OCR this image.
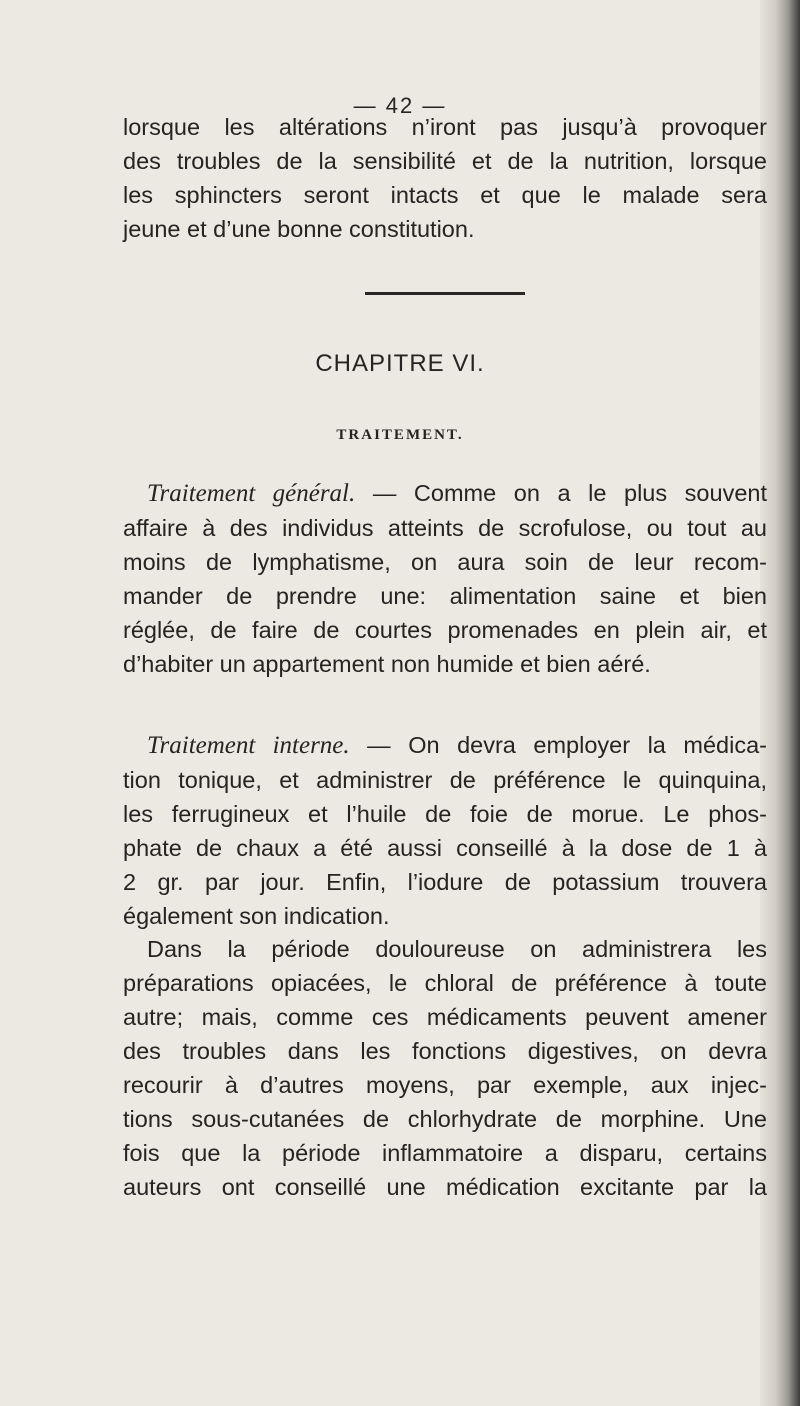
— 42 —

lorsque les altérations n’iront pas jusqu’à provoquer
des troubles de la sensibilité et de la nutrition, lorsque
les sphincters seront intacts et que le malade sera
jeune et d’une bonne constitution.

CHAPITRE VI.
TRAITEMENT.

Traitement général. — Comme on a le plus souvent
affaire à des individus atteints de scrofulose, ou tout au
moins de lymphatisme, on aura soin de leur recom-
mander de prendre une: alimentation saine et bien
réglée, de faire de courtes promenades en plein air, et
d’habiter un appartement non humide et bien aéré.

Traitement interne. — On devra employer la médica-
tion tonique, et administrer de préférence le quinquina,
les ferrugineux et l’huile de foie de morue. Le phos-
phate de chaux a été aussi conseillé à la dose de 1 à
2 gr. par jour. Enfin, l’iodure de potassium trouvera
également son indication.

Dans la période douloureuse on administrera les
préparations opiacées, le chloral de préférence à toute
autre; mais, comme ces médicaments peuvent amener
des troubles dans les fonctions digestives, on devra
recourir à d’autres moyens, par exemple, aux injec-
tions sous-cutanées de chlorhydrate de morphine. Une
fois que la période inflammatoire a disparu, certains
auteurs ont conseillé une médication excitante par la
